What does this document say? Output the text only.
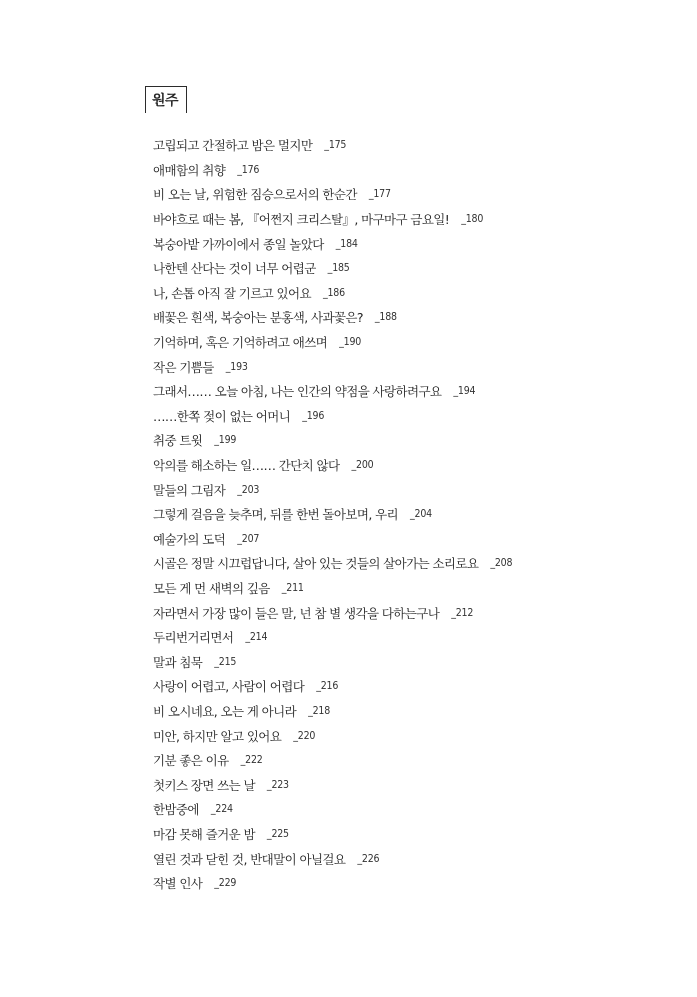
원주
고립되고 간절하고 밤은 멀지만 _175
애매함의 취향 _176
비 오는 날, 위험한 짐승으로서의 한순간 _177
바야흐로 때는 봄, 『어쩐지 크리스탈』, 마구마구 금요일! _180
복숭아밭 가까이에서 종일 놀았다 _184
나한텐 산다는 것이 너무 어렵군 _185
나, 손톱 아직 잘 기르고 있어요 _186
배꽃은 흰색, 복숭아는 분홍색, 사과꽃은? _188
기억하며, 혹은 기억하려고 애쓰며 _190
작은 기쁨들 _193
그래서…… 오늘 아침, 나는 인간의 약점을 사랑하려구요 _194
……한쪽 젖이 없는 어머니 _196
취중 트윗 _199
악의를 해소하는 일…… 간단치 않다 _200
말들의 그림자 _203
그렇게 걸음을 늦추며, 뒤를 한번 돌아보며, 우리 _204
예술가의 도덕 _207
시골은 정말 시끄럽답니다, 살아 있는 것들의 살아가는 소리로요 _208
모든 게 먼 새벽의 깊음 _211
자라면서 가장 많이 들은 말, 넌 참 별 생각을 다하는구나 _212
두리번거리면서 _214
말과 침묵 _215
사랑이 어렵고, 사람이 어렵다 _216
비 오시네요, 오는 게 아니라 _218
미안, 하지만 알고 있어요 _220
기분 좋은 이유 _222
첫키스 장면 쓰는 날 _223
한밤중에 _224
마감 못해 즐거운 밤 _225
열린 것과 닫힌 것, 반대말이 아닐걸요 _226
작별 인사 _229
